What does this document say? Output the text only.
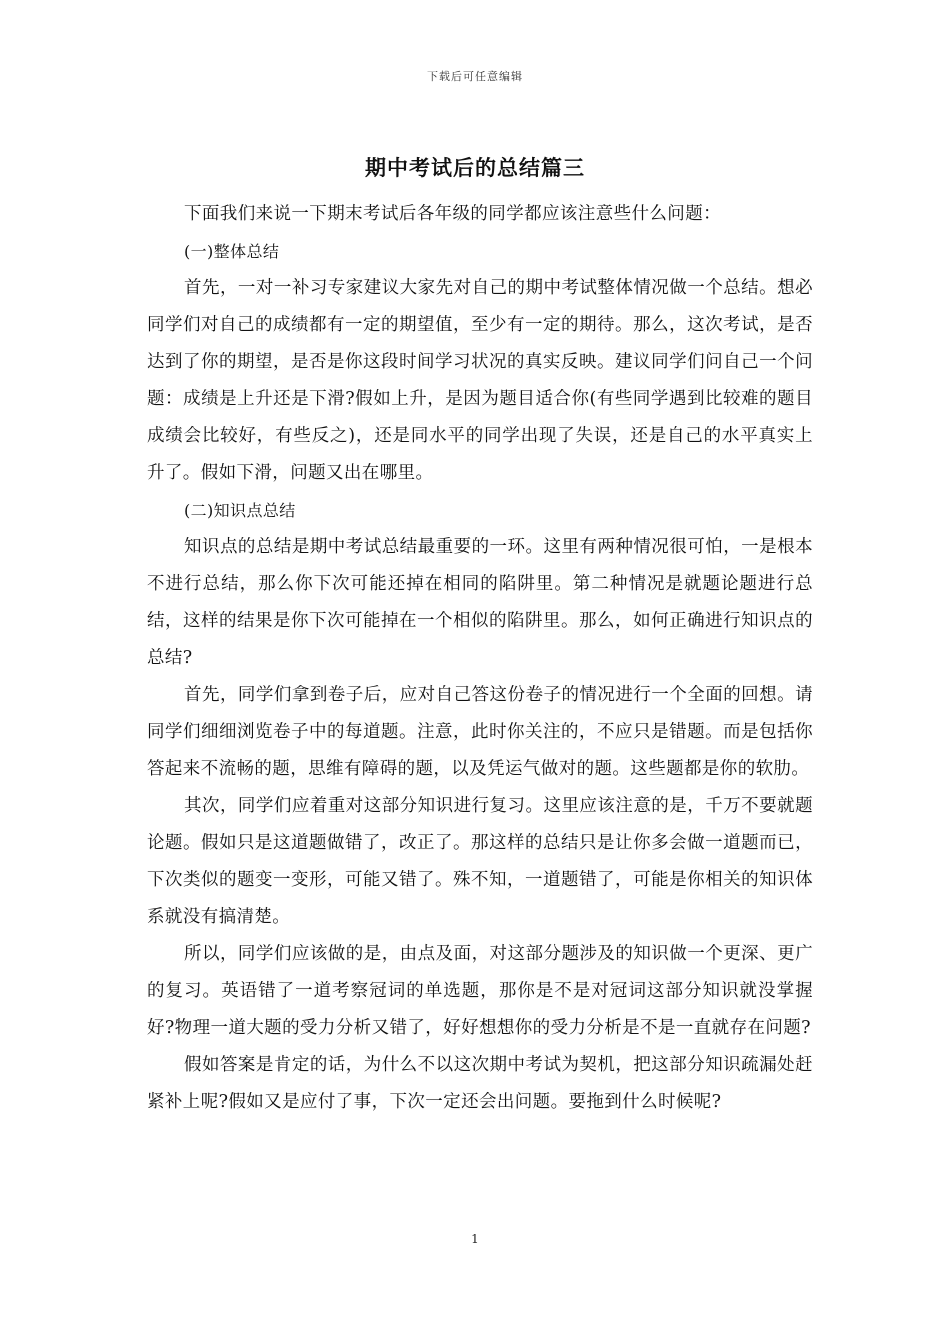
下载后可任意编辑
期中考试后的总结篇三

下面我们来说一下期末考试后各年级的同学都应该注意些什么问题：

(一)整体总结

首先，一对一补习专家建议大家先对自己的期中考试整体情况做一个总结。想必同学们对自己的成绩都有一定的期望值，至少有一定的期待。那么，这次考试，是否达到了你的期望，是否是你这段时间学习状况的真实反映。建议同学们问自己一个问题：成绩是上升还是下滑?假如上升，是因为题目适合你(有些同学遇到比较难的题目成绩会比较好，有些反之)，还是同水平的同学出现了失误，还是自己的水平真实上升了。假如下滑，问题又出在哪里。

(二)知识点总结

知识点的总结是期中考试总结最重要的一环。这里有两种情况很可怕，一是根本不进行总结，那么你下次可能还掉在相同的陷阱里。第二种情况是就题论题进行总结，这样的结果是你下次可能掉在一个相似的陷阱里。那么，如何正确进行知识点的总结?

首先，同学们拿到卷子后，应对自己答这份卷子的情况进行一个全面的回想。请同学们细细浏览卷子中的每道题。注意，此时你关注的，不应只是错题。而是包括你答起来不流畅的题，思维有障碍的题，以及凭运气做对的题。这些题都是你的软肋。

其次，同学们应着重对这部分知识进行复习。这里应该注意的是，千万不要就题论题。假如只是这道题做错了，改正了。那这样的总结只是让你多会做一道题而已，下次类似的题变一变形，可能又错了。殊不知，一道题错了，可能是你相关的知识体系就没有搞清楚。

所以，同学们应该做的是，由点及面，对这部分题涉及的知识做一个更深、更广的复习。英语错了一道考察冠词的单选题，那你是不是对冠词这部分知识就没掌握好?物理一道大题的受力分析又错了，好好想想你的受力分析是不是一直就存在问题?

假如答案是肯定的话，为什么不以这次期中考试为契机，把这部分知识疏漏处赶紧补上呢?假如又是应付了事，下次一定还会出问题。要拖到什么时候呢?

1
